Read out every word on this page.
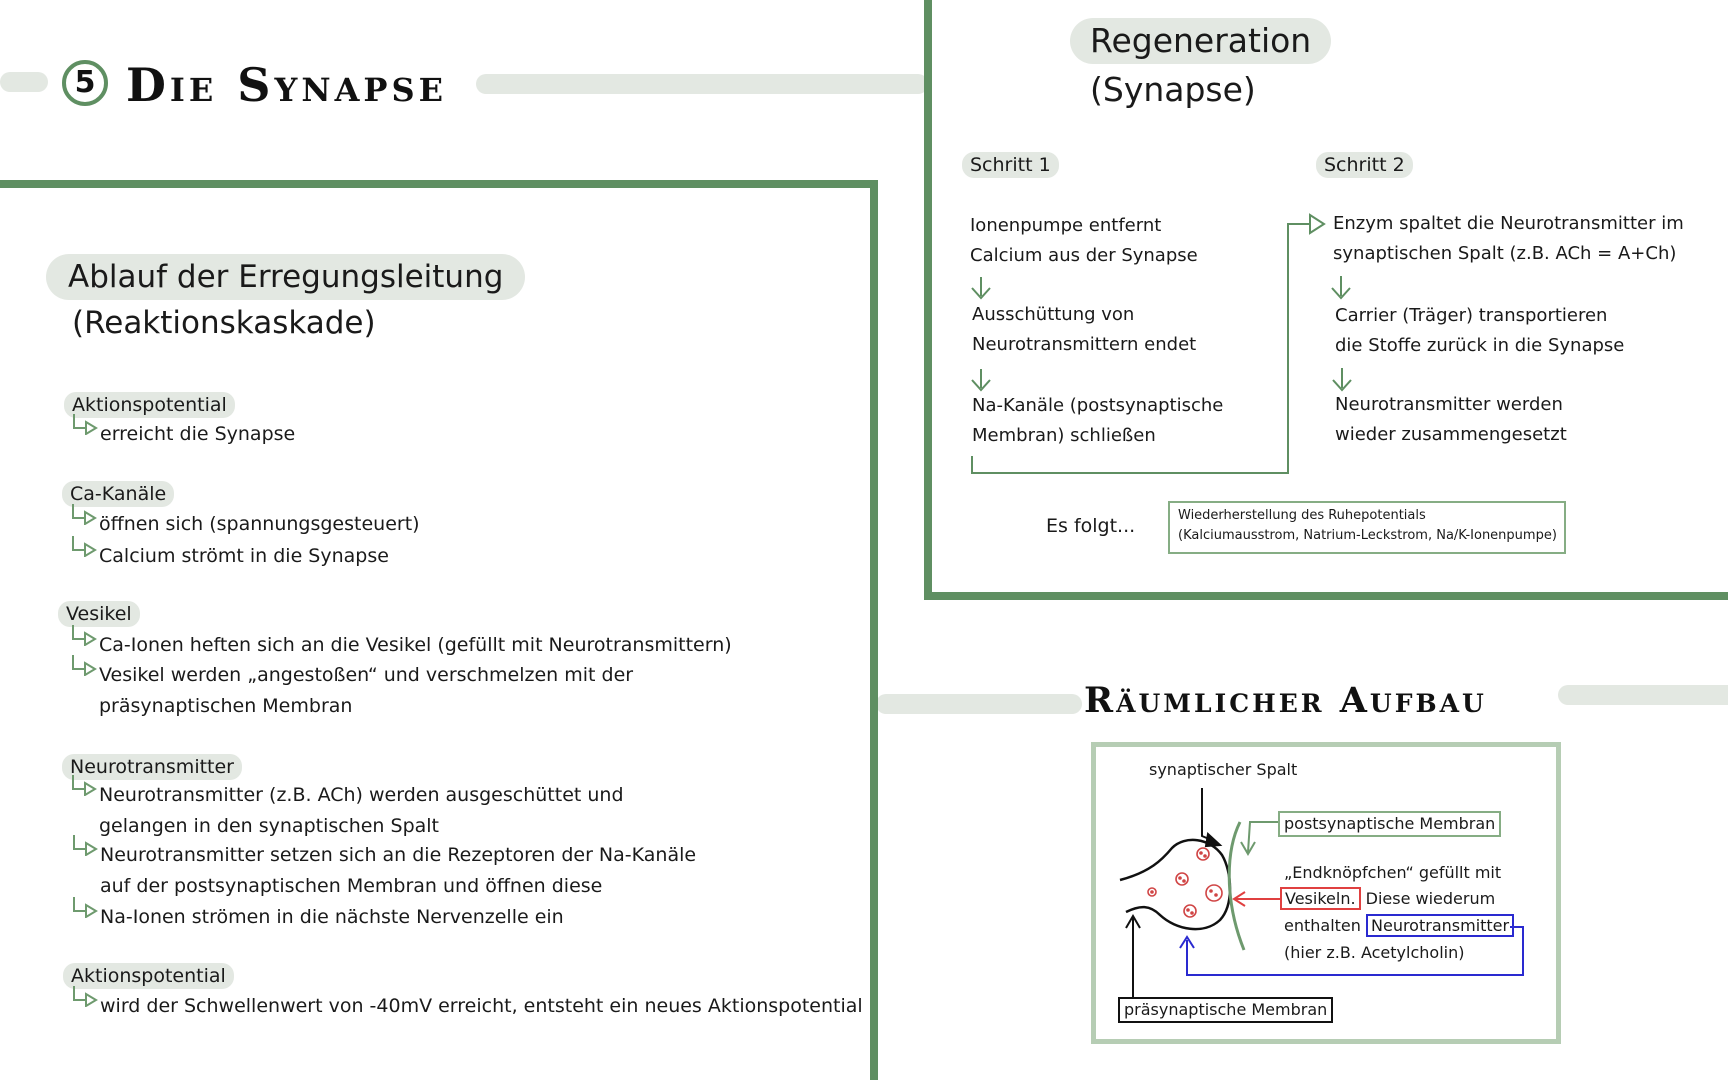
5 Die Synapse
Ablauf der Erregungsleitung
(Reaktionskaskade)
Aktionspotential
erreicht die Synapse
Ca-Kanäle
öffnen sich (spannungsgesteuert)
Calcium strömt in die Synapse
Vesikel
Ca-Ionen heften sich an die Vesikel (gefüllt mit Neurotransmittern)
Vesikel werden „angestoßen“ und verschmelzen mit der
präsynaptischen Membran
Neurotransmitter
Neurotransmitter (z.B. ACh) werden ausgeschüttet und
gelangen in den synaptischen Spalt
Neurotransmitter setzen sich an die Rezeptoren der Na-Kanäle
auf der postsynaptischen Membran und öffnen diese
Na-Ionen strömen in die nächste Nervenzelle ein
Aktionspotential
wird der Schwellenwert von -40mV erreicht, entsteht ein neues Aktionspotential
Regeneration
(Synapse)
Schritt 1	Schritt 2
Ionenpumpe entfernt
Calcium aus der Synapse
Ausschüttung von
Neurotransmittern endet
Na-Kanäle (postsynaptische
Membran) schließen
Enzym spaltet die Neurotransmitter im
synaptischen Spalt (z.B. ACh = A+Ch)
Carrier (Träger) transportieren
die Stoffe zurück in die Synapse
Neurotransmitter werden
wieder zusammengesetzt
Es folgt...	Wiederherstellung des Ruhepotentials
(Kalciumausstrom, Natrium-Leckstrom, Na/K-Ionenpumpe)
Räumlicher Aufbau
synaptischer Spalt
postsynaptische Membran
„Endknöpfchen“ gefüllt mit
Vesikeln. Diese wiederum
enthalten Neurotransmitter
(hier z.B. Acetylcholin)
präsynaptische Membran
